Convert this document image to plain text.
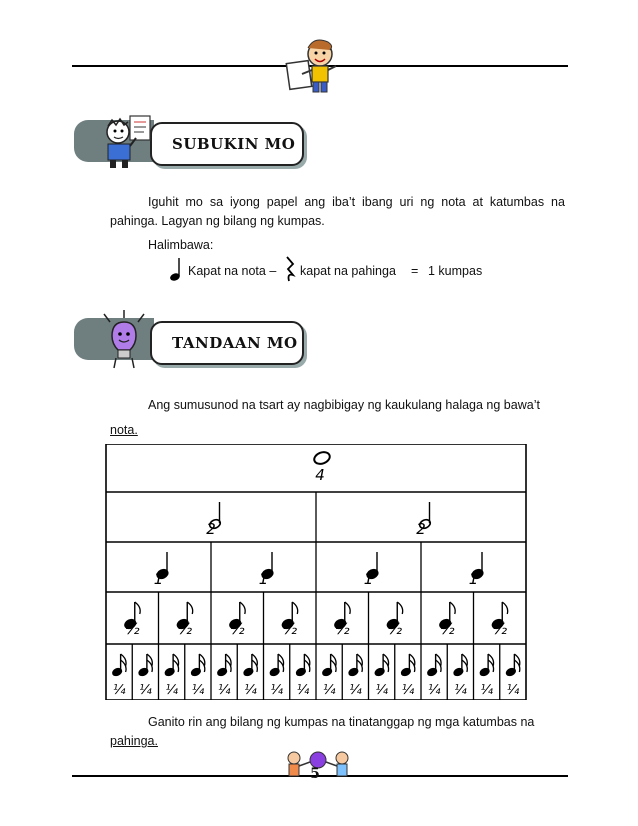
SUBUKIN MO
Iguhit  mo  sa  iyong  papel  ang  iba’t  ibang  uri  ng  nota  at  katumbas  na
pahinga. Lagyan ng bilang ng kumpas.
Halimbawa:
Kapat na nota – kapat na pahinga = 1 kumpas
TANDAAN MO
Ang sumusunod na tsart ay nagbibigay ng kaukulang halaga ng bawa’t
nota.
4
2	2
1	1	1	1
½	½	½	½	½	½	½	½
¼ ¼ ¼ ¼ ¼ ¼ ¼ ¼ ¼ ¼ ¼ ¼ ¼ ¼ ¼ ¼
Ganito rin ang bilang ng kumpas na tinatanggap ng mga katumbas na
pahinga.
5
